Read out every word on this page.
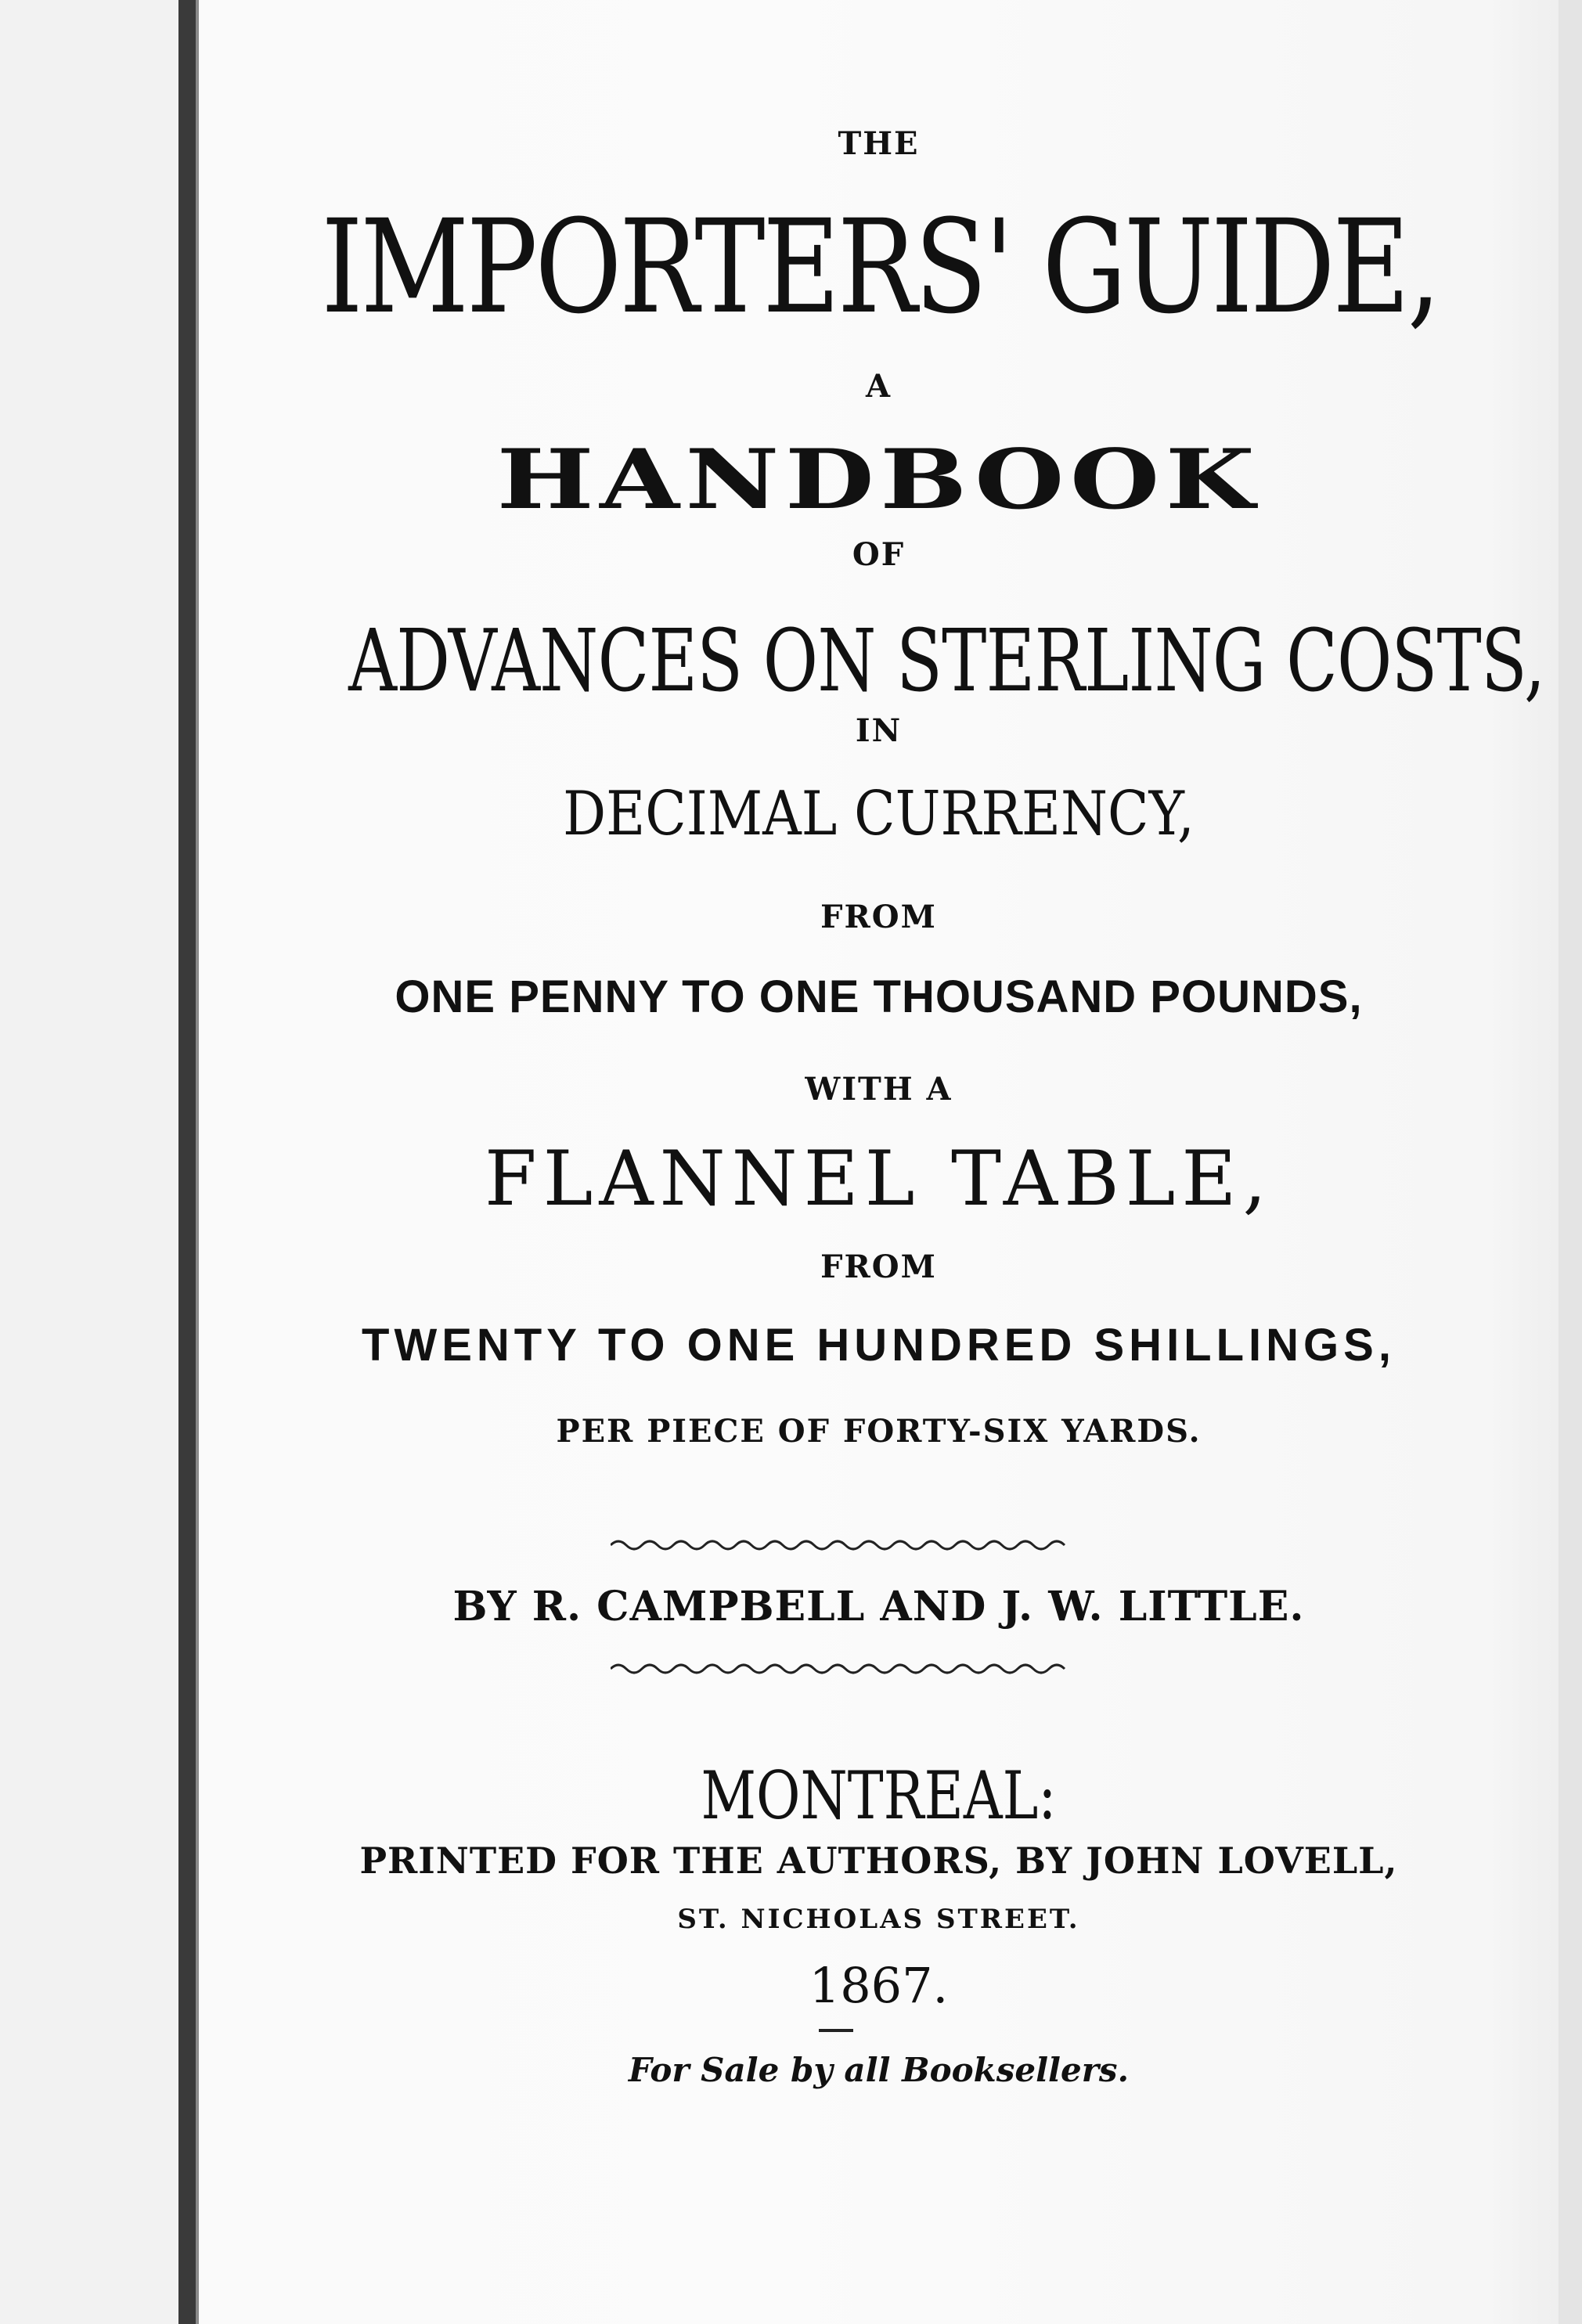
THE
IMPORTERS' GUIDE,
A
HANDBOOK
OF
ADVANCES ON STERLING COSTS,
IN
DECIMAL CURRENCY,
FROM
ONE PENNY TO ONE THOUSAND POUNDS,
WITH A
FLANNEL TABLE,
FROM
TWENTY TO ONE HUNDRED SHILLINGS,
PER PIECE OF FORTY-SIX YARDS.
BY R. CAMPBELL AND J. W. LITTLE.
MONTREAL:
PRINTED FOR THE AUTHORS, BY JOHN LOVELL,
ST. NICHOLAS STREET.
1867.
For Sale by all Booksellers.
